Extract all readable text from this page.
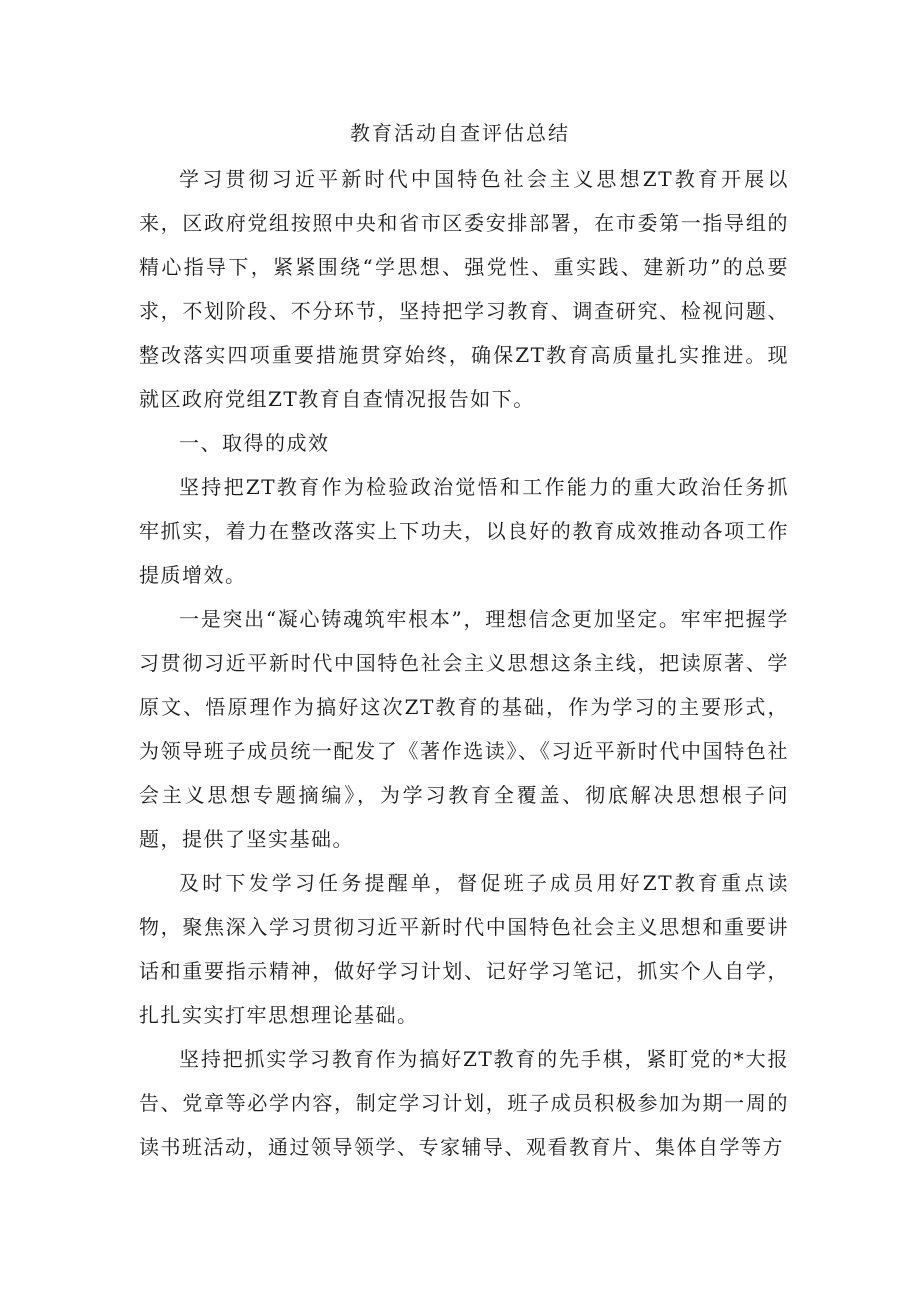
教育活动自查评估总结

学习贯彻习近平新时代中国特色社会主义思想ZT教育开展以来，区政府党组按照中央和省市区委安排部署，在市委第一指导组的精心指导下，紧紧围绕“学思想、强党性、重实践、建新功”的总要求，不划阶段、不分环节，坚持把学习教育、调查研究、检视问题、整改落实四项重要措施贯穿始终，确保ZT教育高质量扎实推进。现就区政府党组ZT教育自查情况报告如下。

一、取得的成效

坚持把ZT教育作为检验政治觉悟和工作能力的重大政治任务抓牢抓实，着力在整改落实上下功夫，以良好的教育成效推动各项工作提质增效。

一是突出“凝心铸魂筑牢根本”，理想信念更加坚定。牢牢把握学习贯彻习近平新时代中国特色社会主义思想这条主线，把读原著、学原文、悟原理作为搞好这次ZT教育的基础，作为学习的主要形式，为领导班子成员统一配发了《著作选读》、《习近平新时代中国特色社会主义思想专题摘编》，为学习教育全覆盖、彻底解决思想根子问题，提供了坚实基础。

及时下发学习任务提醒单，督促班子成员用好ZT教育重点读物，聚焦深入学习贯彻习近平新时代中国特色社会主义思想和重要讲话和重要指示精神，做好学习计划、记好学习笔记，抓实个人自学，扎扎实实打牢思想理论基础。

坚持把抓实学习教育作为搞好ZT教育的先手棋，紧盯党的*大报告、党章等必学内容，制定学习计划，班子成员积极参加为期一周的读书班活动，通过领导领学、专家辅导、观看教育片、集体自学等方
